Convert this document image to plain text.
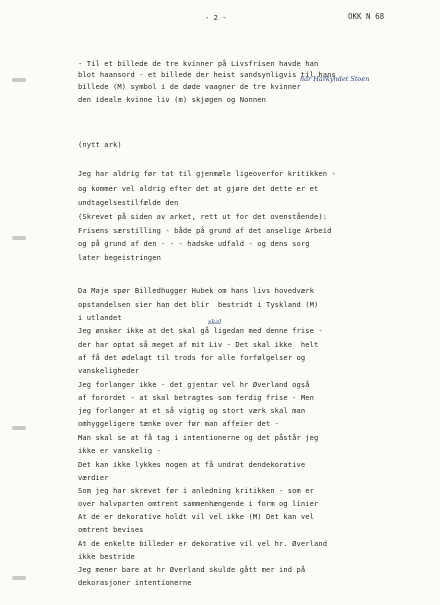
- 2 -	OKK N 68
har Harkyndet Stoen
- Til et billede de tre kvinner på Livsfrisen havde han
blot haansord - et billede der heist sandsynligvis til hans
billede (M) symbol i de døde vaagner de tre kvinner
den ideale kvinne liv (m) skjøgen og Nonnen
(nytt ark)
Jeg har aldrig før tat til gjenmæle ligeoverfor kritikken -
og kommer vel aldrig efter det at gjøre det dette er et
undtagelsestilfælde den
(Skrevet på siden av arket, rett ut for det ovenstående):
Frisens særstilling - både på grund af det anselige Arbeid
og på grund af den - - - hadske udfald - og dens sorg
later begeistringen
Da Maje spør Billedhugger Hubek om hans livs hovedværk
opstandelsen sier han det blir  bestridt i Tyskland (M)
i utlandet	skal
Jeg ønsker ikke at det skal gå ligedan med denne frise -
der har optat så meget af mit Liv - Det skal ikke  helt
af få det ødelagt til trods for alle forfølgelser og
vanskeligheder
Jeg forlanger ikke - det gjentar vel hr Øverland også
af forordet - at skal betragtes som ferdig frise - Men
jeg forlanger at et så vigtig og stort værk skal man
omhyggeligere tænke over før man affeier det -
Man skal se at få tag i intentionerne og det påstår jeg
ikke er vanskelig -
Det kan ikke lykkes nogen at få undrat dendekorative
værdier
Som jeg har skrevet før i anledning kritikken - som er
over halvparten omtrent sammenhængende i form og linier
At de er dekorative holdt vil vel ikke (M) Det kan vel
omtrent bevises
At de enkelte billeder er dekorative vil vel hr. Øverland
ikke bestride
Jeg mener bare at hr Øverland skulde gått mer ind på
dekorasjoner intentionerne
